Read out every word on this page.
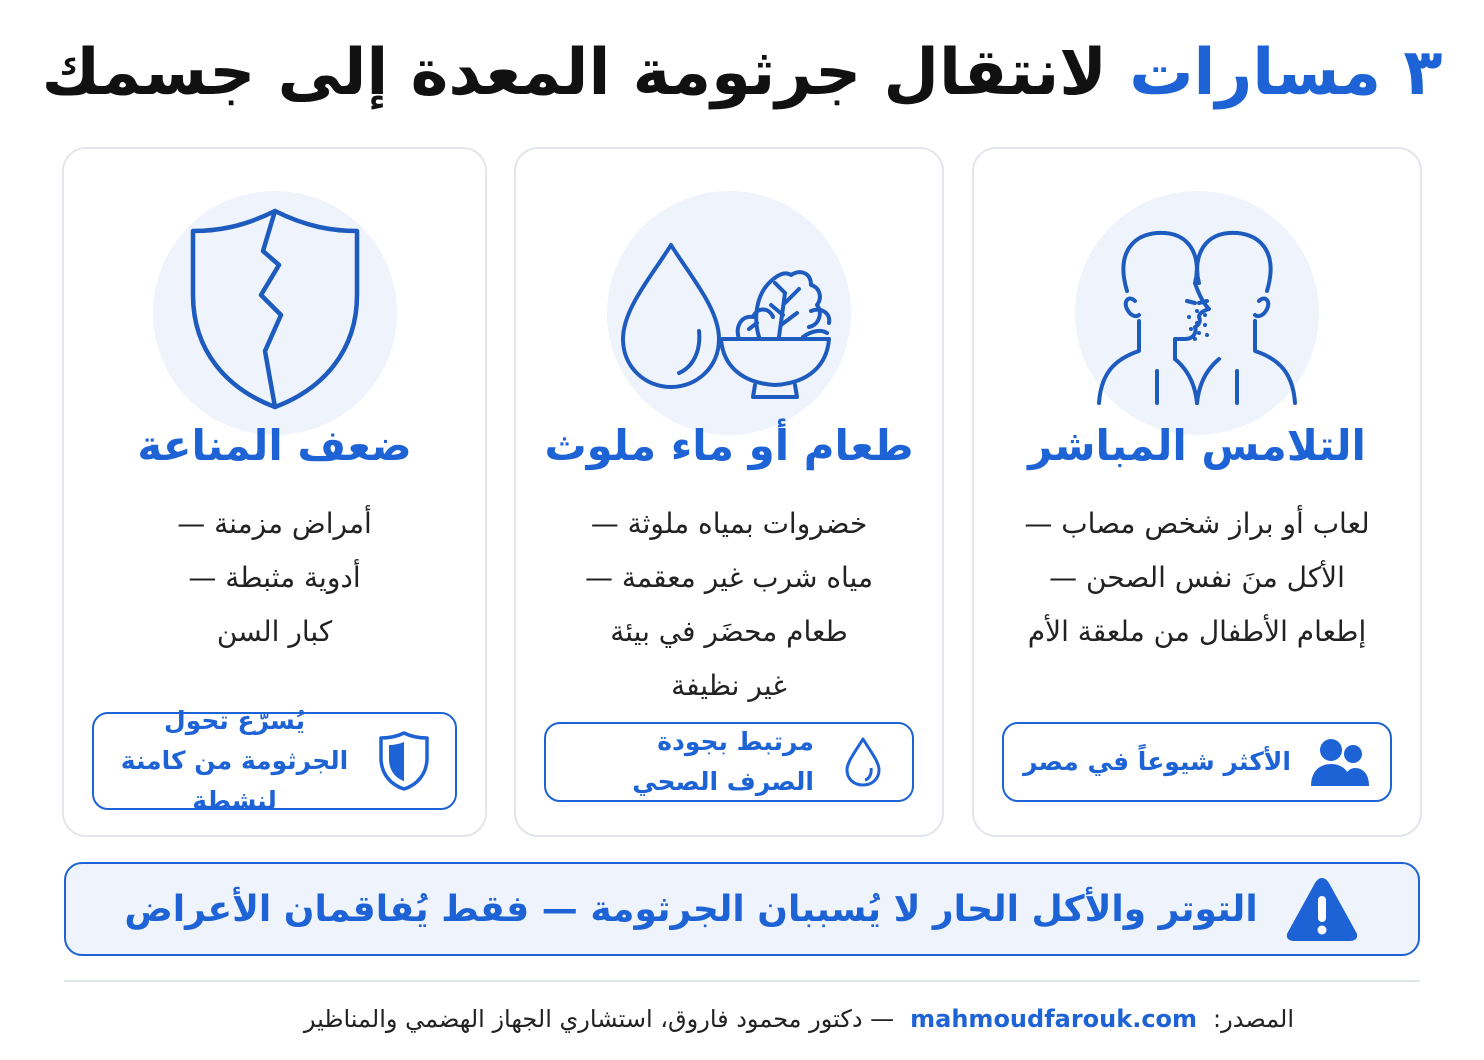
٣ مسارات لانتقال جرثومة المعدة إلى جسمك
التلامس المباشر
لعاب أو براز شخص مصاب —
الأكل منَ نفس الصحن —
إطعام الأطفال من ملعقة الأم
الأكثر شيوعاً في مصر
طعام أو ماء ملوث
خضروات بمياه ملوثة —
مياه شرب غير معقمة —
طعام محضَر في بيئة
غير نظيفة
مرتبط بجودة الصرف الصحي
ضعف المناعة
أمراض مزمنة —
أدوية مثبطة —
كبار السن
يُسرّع تحول الجرثومة من كامنة لنشطة
التوتر والأكل الحار لا يُسببان الجرثومة — فقط يُفاقمان الأعراض
المصدر:
mahmoudfarouk.com
— دكتور محمود فاروق، استشاري الجهاز الهضمي والمناظير
